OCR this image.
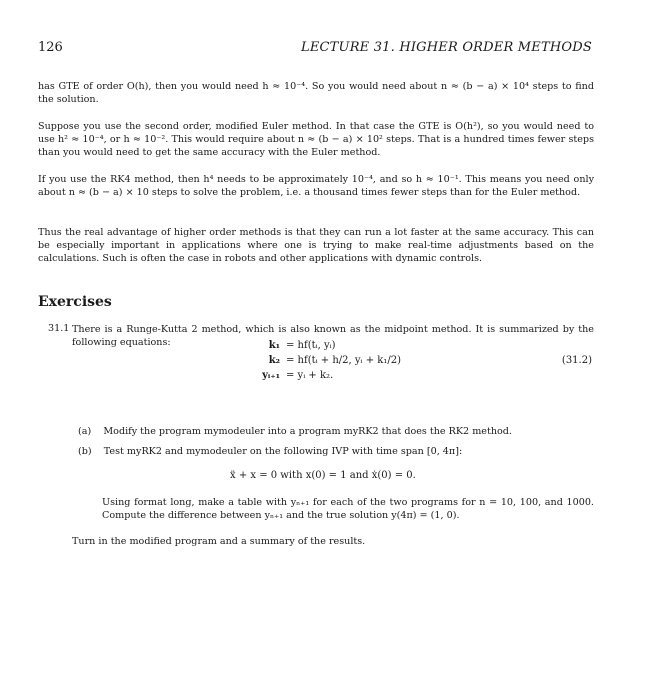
126	LECTURE 31. HIGHER ORDER METHODS

has GTE of order O(h), then you would need h ≈ 10⁻⁴. So you would need about n ≈ (b − a) × 10⁴ steps to find the solution.

Suppose you use the second order, modified Euler method. In that case the GTE is O(h²), so you would need to use h² ≈ 10⁻⁴, or h ≈ 10⁻². This would require about n ≈ (b − a) × 10² steps. That is a hundred times fewer steps than you would need to get the same accuracy with the Euler method.

If you use the RK4 method, then h⁴ needs to be approximately 10⁻⁴, and so h ≈ 10⁻¹. This means you need only about n ≈ (b − a) × 10 steps to solve the problem, i.e. a thousand times fewer steps than for the Euler method.

Thus the real advantage of higher order methods is that they can run a lot faster at the same accuracy. This can be especially important in applications where one is trying to make real-time adjustments based on the calculations. Such is often the case in robots and other applications with dynamic controls.

Exercises
31.1 There is a Runge-Kutta 2 method, which is also known as the midpoint method. It is summarized by the following equations:	k₁ = hf(tᵢ, yᵢ)
k₂ = hf(tᵢ + h/2, yᵢ + k₁/2)
yᵢ₊₁ = yᵢ + k₂.
(31.2)
(a) Modify the program mymodeuler into a program myRK2 that does the RK2 method.
(b) Test myRK2 and mymodeuler on the following IVP with time span [0, 4π]:
ẍ + x = 0 with x(0) = 1 and ẋ(0) = 0.
Using format long, make a table with yₙ₊₁ for each of the two programs for n = 10, 100, and 1000. Compute the difference between yₙ₊₁ and the true solution y(4π) = (1, 0).
Turn in the modified program and a summary of the results.
